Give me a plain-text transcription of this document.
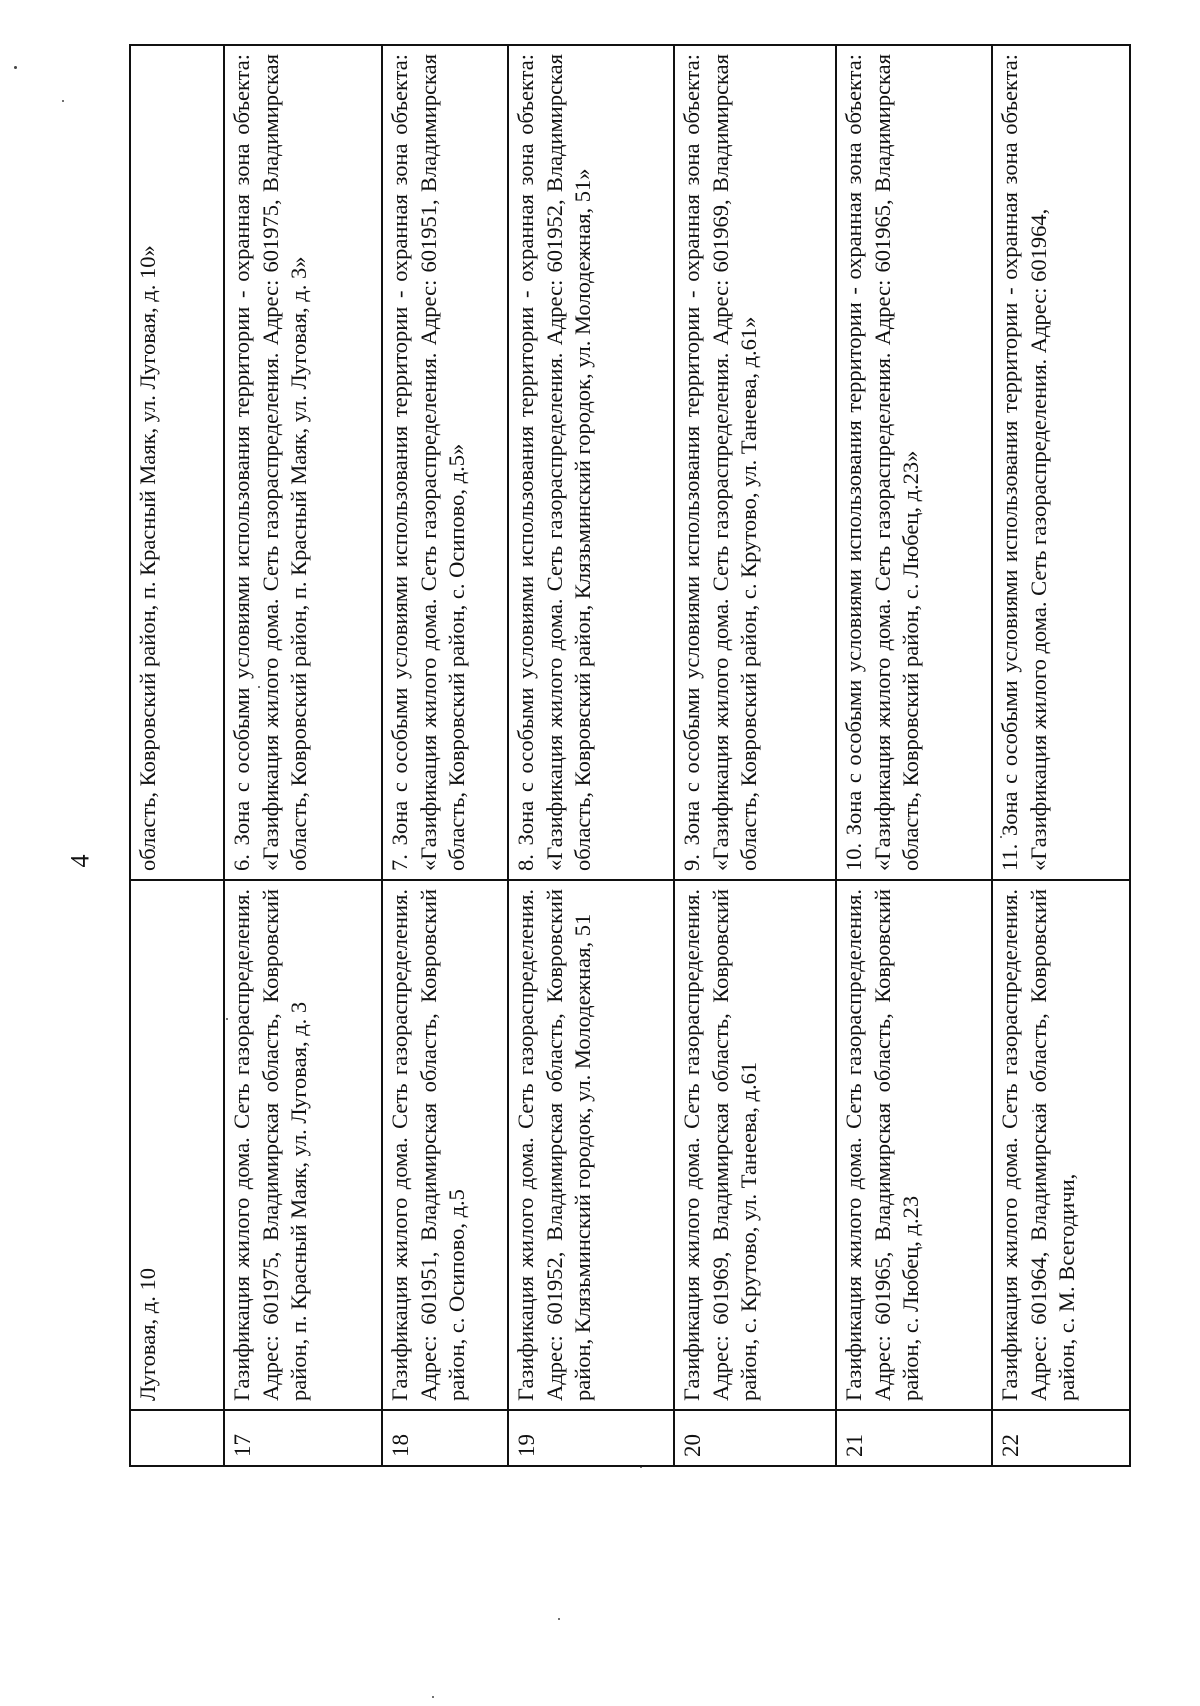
4
	Луговая, д. 10	область, Ковровский район, п. Красный Маяк, ул. Луговая, д. 10»
17	Газификация жилого дома. Сеть газораспределения. Адрес: 601975, Владимирская область, Ковровский район, п. Красный Маяк, ул. Луговая, д. 3	6. Зона с особыми условиями использования территории - охранная зона объекта: «Газификация жилого дома. Сеть газораспределения. Адрес: 601975, Владимирская область, Ковровский район, п. Красный Маяк, ул. Луговая, д. 3»
18	Газификация жилого дома. Сеть газораспределения. Адрес: 601951, Владимирская область, Ковровский район, с. Осипово, д.5	7. Зона с особыми условиями использования территории - охранная зона объекта: «Газификация жилого дома. Сеть газораспределения. Адрес: 601951, Владимирская область, Ковровский район, с. Осипово, д.5»
19	Газификация жилого дома. Сеть газораспределения. Адрес: 601952, Владимирская область, Ковровский район, Клязьминский городок, ул. Молодежная, 51	8. Зона с особыми условиями использования территории - охранная зона объекта: «Газификация жилого дома. Сеть газораспределения. Адрес: 601952, Владимирская область, Ковровский район, Клязьминский городок, ул. Молодежная, 51»
20	Газификация жилого дома. Сеть газораспределения. Адрес: 601969, Владимирская область, Ковровский район, с. Крутово, ул. Танеева, д.61	9. Зона с особыми условиями использования территории - охранная зона объекта: «Газификация жилого дома. Сеть газораспределения. Адрес: 601969, Владимирская область, Ковровский район, с. Крутово, ул. Танеева, д.61»
21	Газификация жилого дома. Сеть газораспределения. Адрес: 601965, Владимирская область, Ковровский район, с. Любец, д.23	10. Зона с особыми условиями использования территории - охранная зона объекта: «Газификация жилого дома. Сеть газораспределения. Адрес: 601965, Владимирская область, Ковровский район, с. Любец, д.23»
22	Газификация жилого дома. Сеть газораспределения. Адрес: 601964, Владимирская область, Ковровский район, с. М. Всегодичи,	11. Зона с особыми условиями использования территории - охранная зона объекта: «Газификация жилого дома. Сеть газораспределения. Адрес: 601964,
